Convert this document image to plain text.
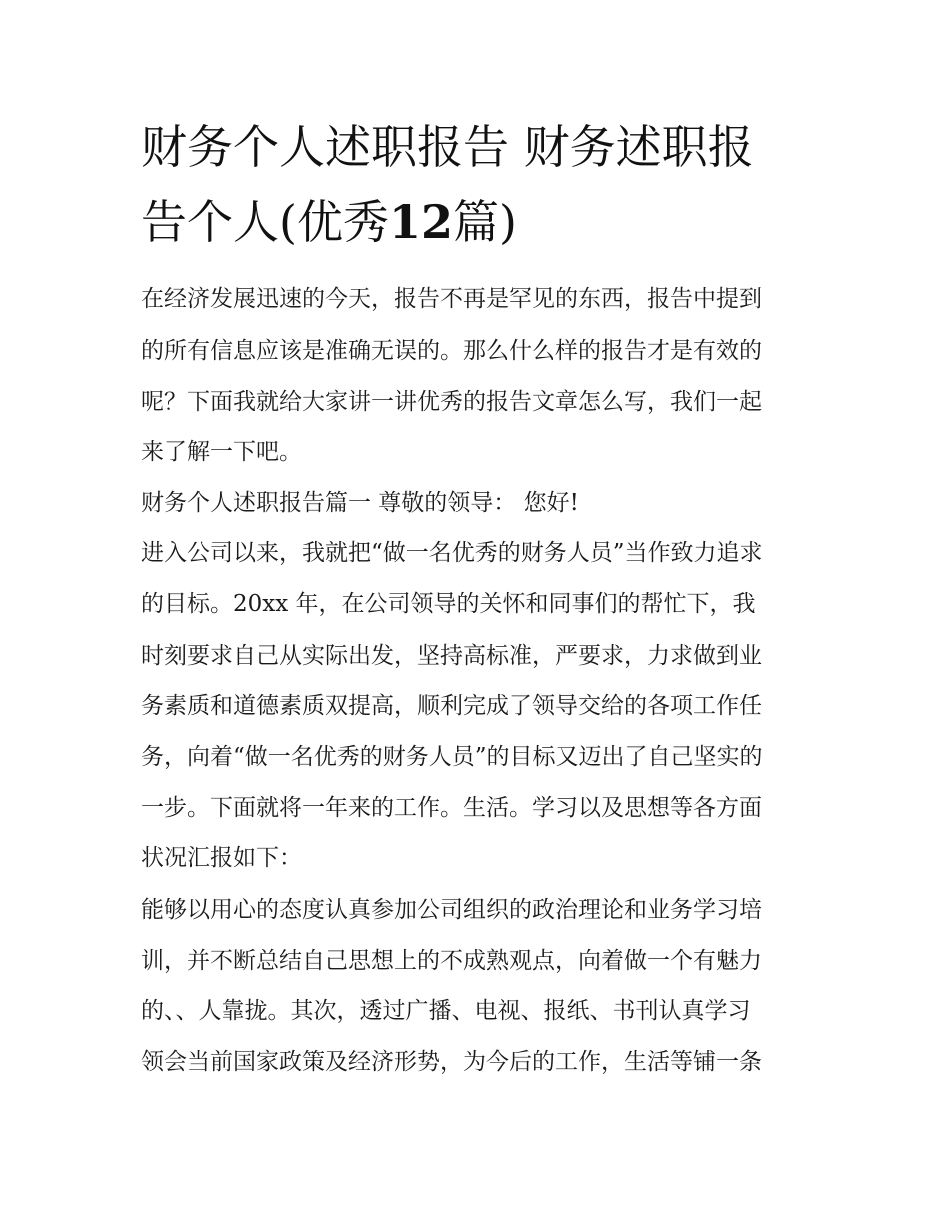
财务个人述职报告 财务述职报
告个人(优秀12篇)

在经济发展迅速的今天，报告不再是罕见的东西，报告中提到

的所有信息应该是准确无误的。那么什么样的报告才是有效的

呢？下面我就给大家讲一讲优秀的报告文章怎么写，我们一起

来了解一下吧。

财务个人述职报告篇一 尊敬的领导： 您好!

进入公司以来，我就把“做一名优秀的财务人员”当作致力追求

的目标。20xx 年，在公司领导的关怀和同事们的帮忙下，我

时刻要求自己从实际出发，坚持高标准，严要求，力求做到业

务素质和道德素质双提高，顺利完成了领导交给的各项工作任

务，向着“做一名优秀的财务人员”的目标又迈出了自己坚实的

一步。下面就将一年来的工作。生活。学习以及思想等各方面

状况汇报如下：

能够以用心的态度认真参加公司组织的政治理论和业务学习培

训，并不断总结自己思想上的不成熟观点，向着做一个有魅力

的、、人靠拢。其次，透过广播、电视、报纸、书刊认真学习

领会当前国家政策及经济形势，为今后的工作，生活等铺一条
